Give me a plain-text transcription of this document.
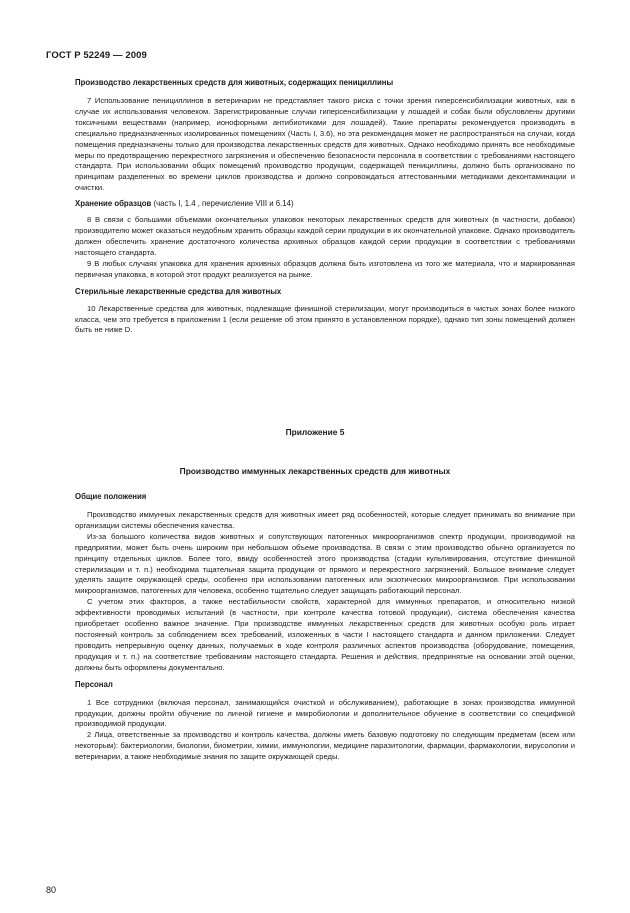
ГОСТ Р 52249 — 2009

Производство лекарственных средств для животных, содержащих пенициллины

7 Использование пенициллинов в ветеринарии не представляет такого риска с точки зрения гиперсенсибилизации животных, как в случае их использования человеком. Зарегистрированные случаи гиперсенсибилизации у лошадей и собак были обусловлены другими токсичными веществами (например, ионофорными антибиотиками для лошадей). Такие препараты рекомендуется производить в специально предназначенных изолированных помещениях (Часть I, 3.6), но эта рекомендация может не распространяться на случаи, когда помещения предназначены только для производства лекарственных средств для животных. Однако необходимо принять все необходимые меры по предотвращению перекрестного загрязнения и обеспечению безопасности персонала в соответствии с требованиями настоящего стандарта. При использовании общих помещений производство продукции, содержащей пенициллины, должно быть организовано по принципам разделенных во времени циклов производства и должно сопровождаться аттестованными методиками деконтаминации и очистки.

Хранение образцов (часть I, 1.4 , перечисление VIII и 6.14)

8 В связи с большими объемами окончательных упаковок некоторых лекарственных средств для животных (в частности, добавок) производителю может оказаться неудобным хранить образцы каждой серии продукции в их окончательной упаковке. Однако производитель должен обеспечить хранение достаточного количества архивных образцов каждой серии продукции в соответствии с требованиями настоящего стандарта.

9 В любых случаях упаковка для хранения архивных образцов должна быть изготовлена из того же материала, что и маркированная первичная упаковка, в которой этот продукт реализуется на рынке.

Стерильные лекарственные средства для животных

10 Лекарственные средства для животных, подлежащие финишной стерилизации, могут производиться в чистых зонах более низкого класса, чем это требуется в приложении 1 (если решение об этом принято в установленном порядке), однако тип зоны помещений должен быть не ниже D.

Приложение 5
Производство иммунных лекарственных средств для животных

Общие положения

Производство иммунных лекарственных средств для животных имеет ряд особенностей, которые следует принимать во внимание при организации системы обеспечения качества.

Из-за большого количества видов животных и сопутствующих патогенных микроорганизмов спектр продукции, производимой на предприятии, может быть очень широким при небольшом объеме производства. В связи с этим производство обычно организуется по принципу отдельных циклов. Более того, ввиду особенностей этого производства (стадии культивирования, отсутствие финишной стерилизации и т. п.) необходима тщательная защита продукции от прямого и перекрестного загрязнений. Большое внимание следует уделять защите окружающей среды, особенно при использовании патогенных или экзотических микроорганизмов. При использовании микроорганизмов, патогенных для человека, особенно тщательно следует защищать работающий персонал.

С учетом этих факторов, а также нестабильности свойств, характерной для иммунных препаратов, и относительно низкой эффективности проводимых испытаний (в частности, при контроле качества готовой продукции), система обеспечения качества приобретает особенно важное значение. При производстве иммунных лекарственных средств для животных особую роль играет постоянный контроль за соблюдением всех требований, изложенных в части I настоящего стандарта и данном приложении. Следует проводить непрерывную оценку данных, получаемых в ходе контроля различных аспектов производства (оборудование, помещения, продукция и т. п.) на соответствие требованиям настоящего стандарта. Решения и действия, предпринятые на основании этой оценки, должны быть оформлены документально.

Персонал

1 Все сотрудники (включая персонал, занимающийся очисткой и обслуживанием), работающие в зонах производства иммунной продукции, должны пройти обучение по личной гигиене и микробиологии и дополнительное обучение в соответствии со спецификой производимой продукции.

2 Лица, ответственные за производство и контроль качества, должны иметь базовую подготовку по следующим предметам (всем или некоторым): бактериологии, биологии, биометрии, химии, иммунологии, медицине паразитологии, фармации, фармакологии, вирусологии и ветеринарии, а также необходимые знания по защите окружающей среды.

80
